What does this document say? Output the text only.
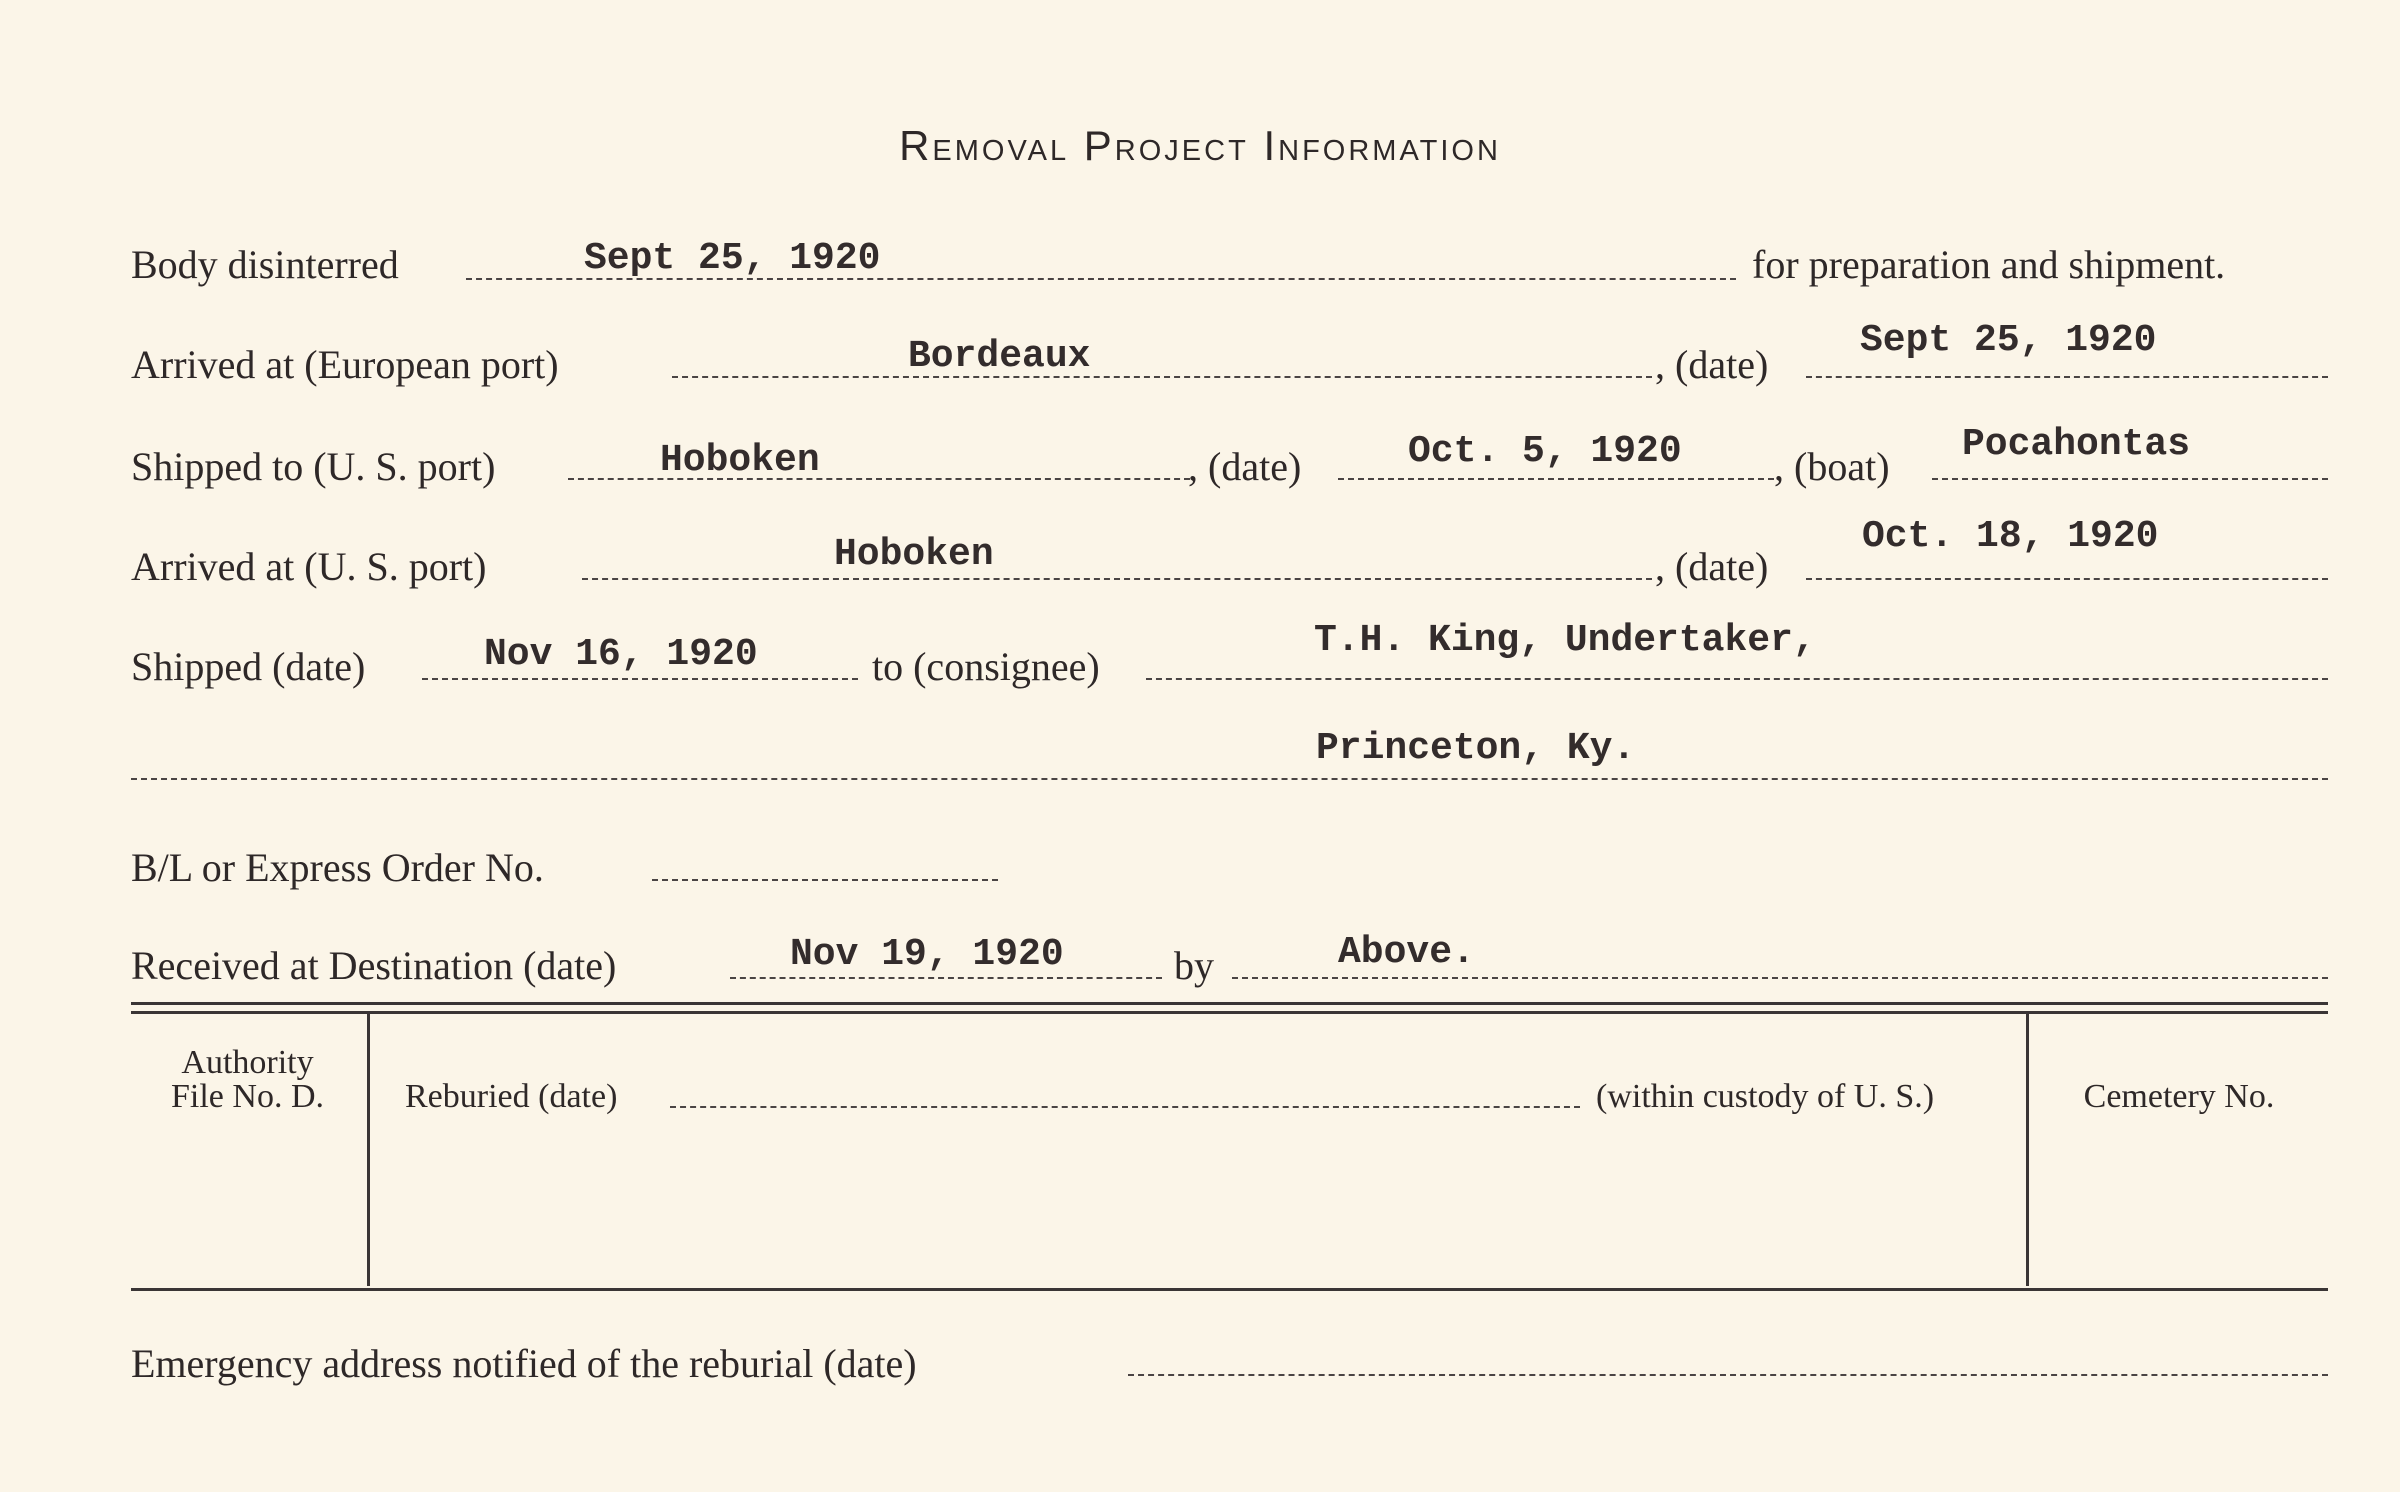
Removal Project Information
Body disinterred	Sept 25, 1920	for preparation and shipment.
Arrived at (European port)	Bordeaux	, (date)
Sept 25, 1920
Shipped to (U. S. port)	Hoboken	, (date)	Oct. 5, 1920 , (boat) Pocahontas
Arrived at (U. S. port)	Hoboken	, (date)
Oct. 18, 1920
Shipped (date)	Nov 16, 1920	to (consignee)
T.H. King, Undertaker,
Princeton, Ky.
B/L or Express Order No.
Received at Destination (date)	Nov 19, 1920	by	Above.
Authority
File No. D.	Reburied (date)	(within custody of U. S.)	Cemetery No.
Emergency address notified of the reburial (date)
